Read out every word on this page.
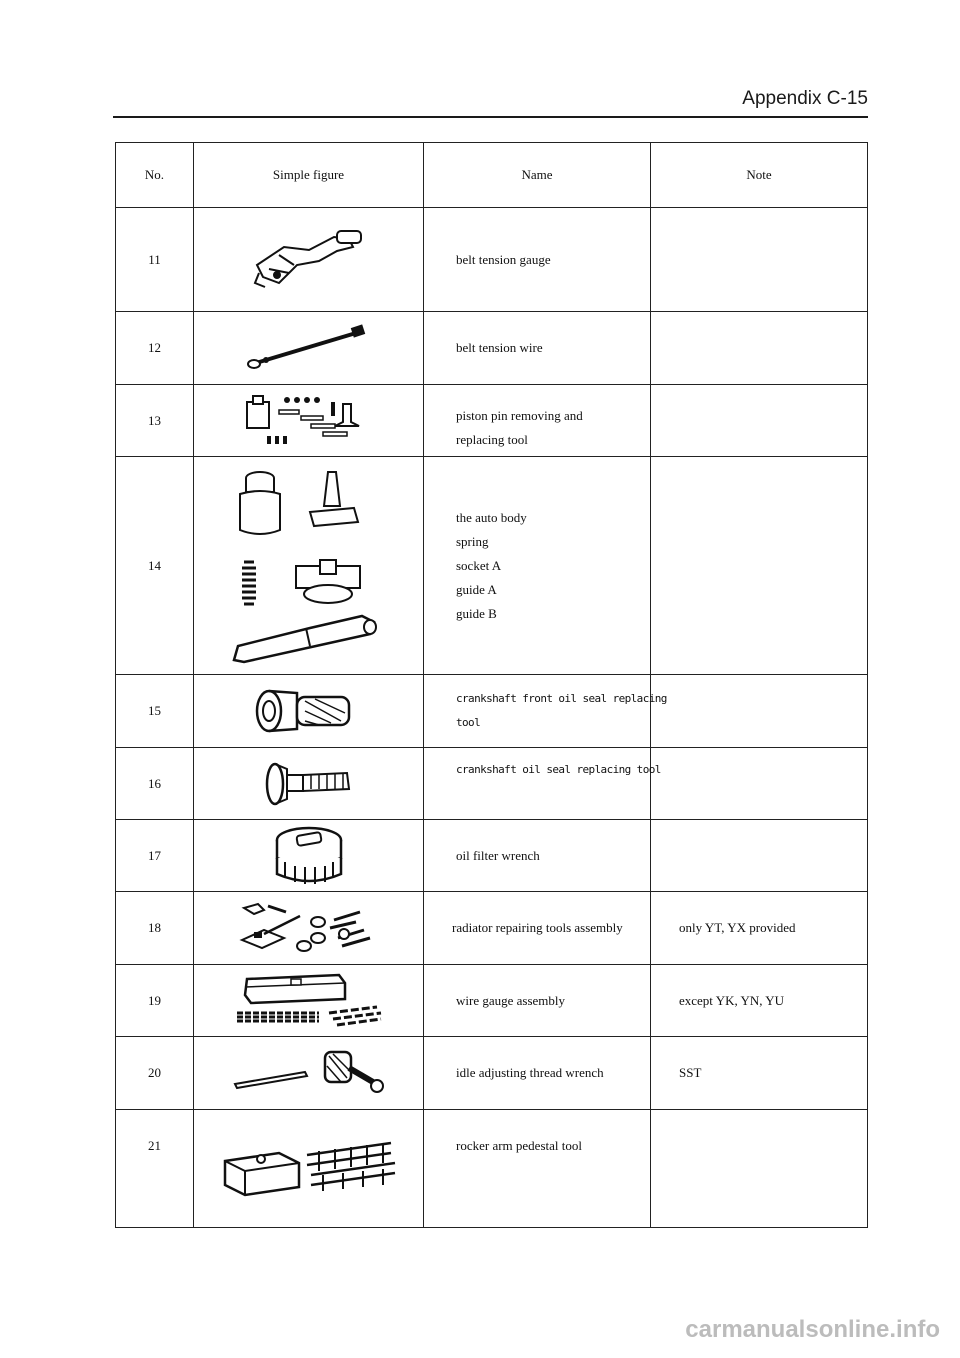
Appendix C-15
No.	Simple figure	Name	Note
11		belt tension gauge	

12		belt tension wire	

13		piston pin removing and
replacing tool	

14		the auto body
spring
socket A
guide A
guide B	

15		crankshaft front oil seal replacing
tool	

16		crankshaft oil seal replacing tool	

17		oil filter wrench	

18		radiator repairing tools assembly	only YT, YX provided
19		wire gauge assembly	except YK, YN, YU
20		idle adjusting thread wrench	SST
21		rocker arm pedestal tool	

carmanualsonline.info
